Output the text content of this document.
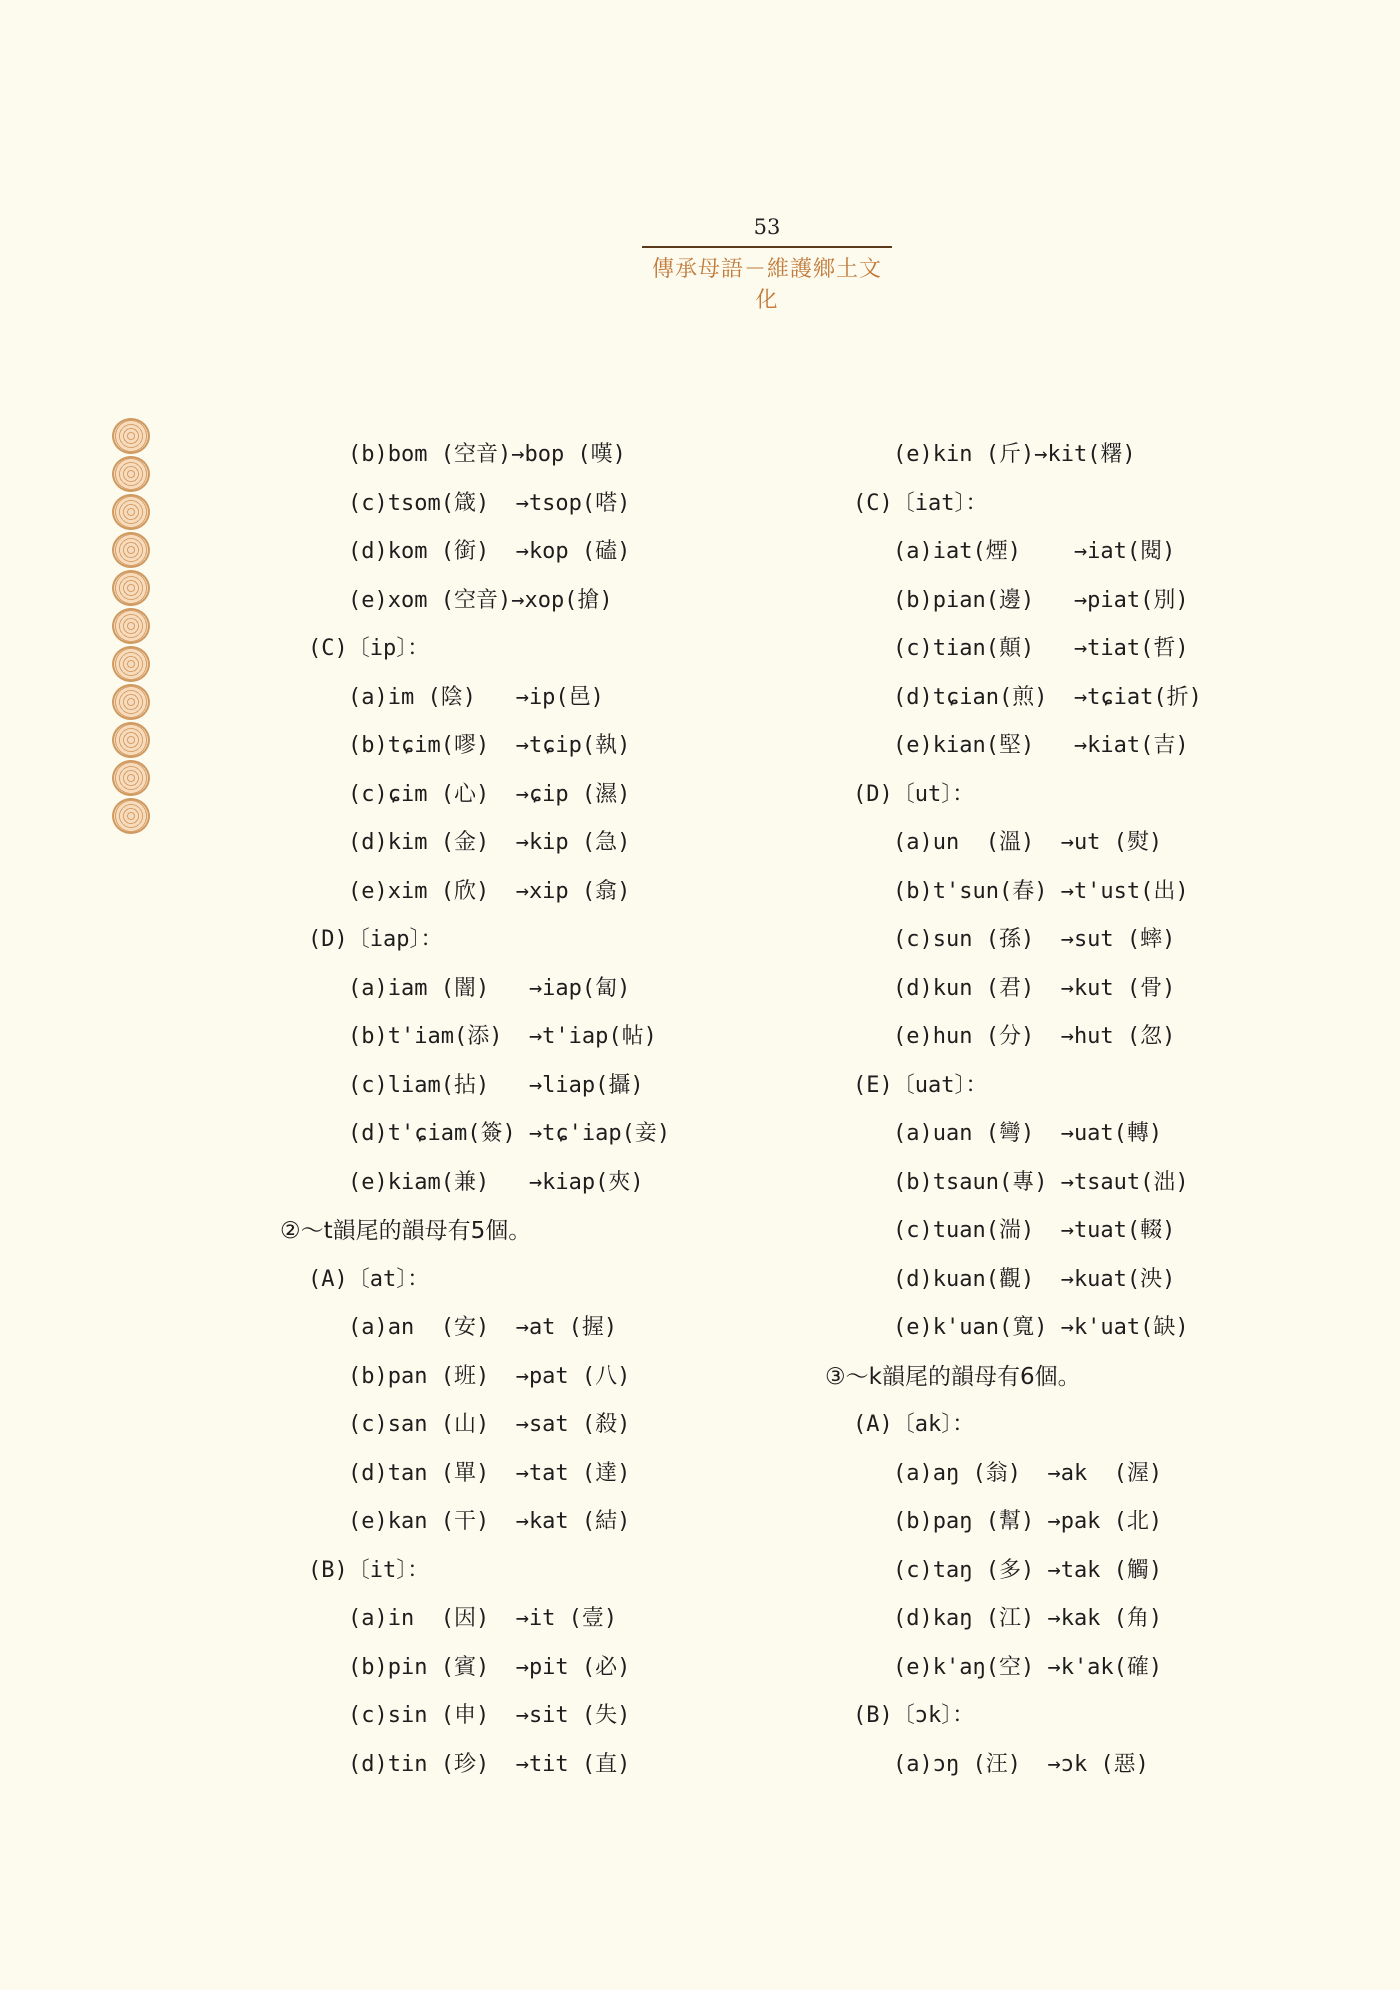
53
傳承母語－維護鄉土文化
(b)bom (空音)→bop (嘆)
(c)tsom(箴)  →tsop(嗒)
(d)kom (銜)  →kop (磕)
(e)xom (空音)→xop(搶)
(C)〔ip〕：
(a)im (陰)   →ip(邑)
(b)tɕim(嘐)  →tɕip(執)
(c)ɕim (心)  →ɕip (濕)
(d)kim (金)  →kip (急)
(e)xim (欣)  →xip (翕)
(D)〔iap〕：
(a)iam (闇)   →iap(匐)
(b)t'iam(添)  →t'iap(帖)
(c)liam(拈)   →liap(攝)
(d)t'ɕiam(簽) →tɕ'iap(妾)
(e)kiam(兼)   →kiap(夾)
②～t韻尾的韻母有5個。
(A)〔at〕：
(a)an  (安)  →at (握)
(b)pan (班)  →pat (八)
(c)san (山)  →sat (殺)
(d)tan (單)  →tat (達)
(e)kan (干)  →kat (結)
(B)〔it〕：
(a)in  (因)  →it (壹)
(b)pin (賓)  →pit (必)
(c)sin (申)  →sit (失)
(d)tin (珍)  →tit (直)
(e)kin (斤)→kit(糬)
(C)〔iat〕：
(a)iat(煙)    →iat(閱)
(b)pian(邊)   →piat(別)
(c)tian(顛)   →tiat(哲)
(d)tɕian(煎)  →tɕiat(折)
(e)kian(堅)   →kiat(吉)
(D)〔ut〕：
(a)un  (溫)  →ut (熨)
(b)t'sun(春) →t'ust(出)
(c)sun (孫)  →sut (蟀)
(d)kun (君)  →kut (骨)
(e)hun (分)  →hut (忽)
(E)〔uat〕：
(a)uan (彎)  →uat(轉)
(b)tsaun(專) →tsaut(泏)
(c)tuan(湍)  →tuat(輟)
(d)kuan(觀)  →kuat(泱)
(e)k'uan(寬) →k'uat(缺)
③～k韻尾的韻母有6個。
(A)〔ak〕：
(a)aŋ (翁)  →ak  (渥)
(b)paŋ (幫) →pak (北)
(c)taŋ (多) →tak (觸)
(d)kaŋ (江) →kak (角)
(e)k'aŋ(空) →k'ak(確)
(B)〔ɔk〕：
(a)ɔŋ (汪)  →ɔk (惡)
